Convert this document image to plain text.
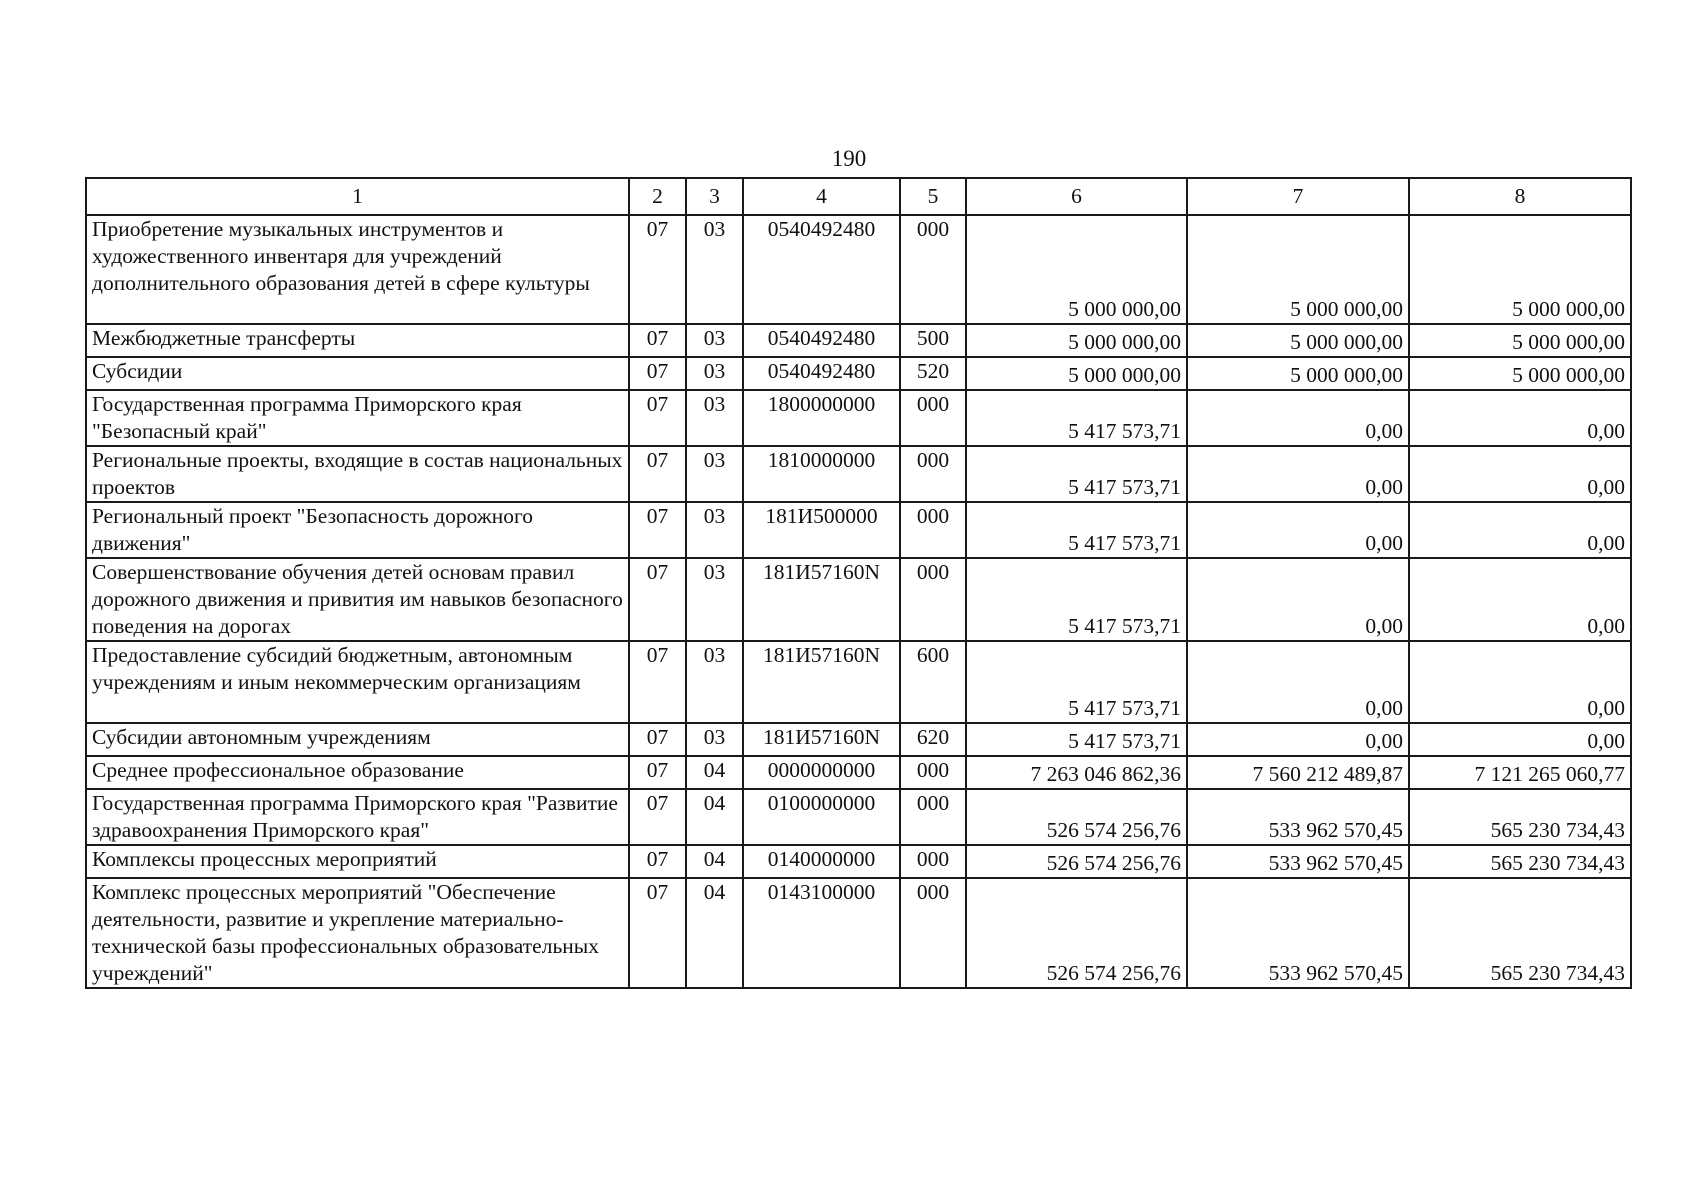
190
1	2	3	4	5	6	7	8
Приобретение музыкальных инструментов и художественного инвентаря для учреждений дополнительного образования детей в сфере культуры	07	03	0540492480	000	5 000 000,00	5 000 000,00	5 000 000,00
Межбюджетные трансферты	07	03	0540492480	500	5 000 000,00	5 000 000,00	5 000 000,00
Субсидии	07	03	0540492480	520	5 000 000,00	5 000 000,00	5 000 000,00
Государственная программа Приморского края "Безопасный край"	07	03	1800000000	000	5 417 573,71	0,00	0,00
Региональные проекты, входящие в состав национальных проектов	07	03	1810000000	000	5 417 573,71	0,00	0,00
Региональный проект "Безопасность дорожного движения"	07	03	181И500000	000	5 417 573,71	0,00	0,00
Совершенствование обучения детей основам правил дорожного движения и привития им навыков безопасного поведения на дорогах	07	03	181И57160N	000	5 417 573,71	0,00	0,00
Предоставление субсидий бюджетным, автономным учреждениям и иным некоммерческим организациям	07	03	181И57160N	600	5 417 573,71	0,00	0,00
Субсидии автономным учреждениям	07	03	181И57160N	620	5 417 573,71	0,00	0,00
Среднее профессиональное образование	07	04	0000000000	000	7 263 046 862,36	7 560 212 489,87	7 121 265 060,77
Государственная программа Приморского края "Развитие здравоохранения Приморского края"	07	04	0100000000	000	526 574 256,76	533 962 570,45	565 230 734,43
Комплексы процессных мероприятий	07	04	0140000000	000	526 574 256,76	533 962 570,45	565 230 734,43
Комплекс процессных мероприятий "Обеспечение деятельности, развитие и укрепление материально-технической базы профессиональных образовательных учреждений"	07	04	0143100000	000	526 574 256,76	533 962 570,45	565 230 734,43
